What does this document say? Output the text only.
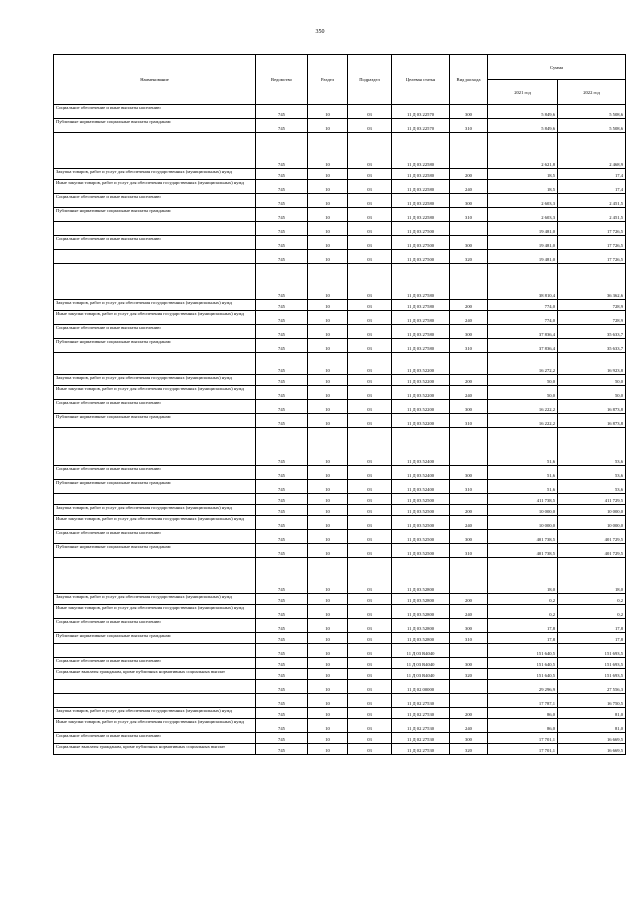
350
Наименование	Ведомство	Раздел	Подраздел	Целевая статья	Вид расхода	Сумма	
						2021 год	2022 год
Социальное обеспечение и иные выплаты населению	745	10	03	11 Д 03 22570	300	5 849,6	5 508,6
Публичные нормативные социальные выплаты гражданам	745	10	03	11 Д 03 22570	310	5 849,6	5 508,6
	745	10	03	11 Д 03 22580		2 621,8	2 468,9
Закупка товаров, работ и услуг для обеспечения государственных (муниципальных) нужд	745	10	03	11 Д 03 22580	200	18,5	17,4
Иные закупки товаров, работ и услуг для обеспечения государственных (муниципальных) нужд	745	10	03	11 Д 03 22580	240	18,5	17,4
Социальное обеспечение и иные выплаты населению	745	10	03	11 Д 03 22580	300	2 603,3	2 451,5
Публичные нормативные социальные выплаты гражданам	745	10	03	11 Д 03 22580	310	2 603,3	2 451,5
	745	10	03	11 Д 03 27500		19 481,0	17 726,5
Социальное обеспечение и иные выплаты населению	745	10	03	11 Д 03 27500	300	19 481,0	17 726,5
	745	10	03	11 Д 03 27500	320	19 481,0	17 726,5
	745	10	03	11 Д 03 27580		38 810,4	36 362,6
Закупка товаров, работ и услуг для обеспечения государственных (муниципальных) нужд	745	10	03	11 Д 03 27580	200	774,0	728,9
Иные закупки товаров, работ и услуг для обеспечения государственных (муниципальных) нужд	745	10	03	11 Д 03 27580	240	774,0	728,9
Социальное обеспечение и иные выплаты населению	745	10	03	11 Д 03 27580	300	37 836,4	35 633,7
Публичные нормативные социальные выплаты гражданам	745	10	03	11 Д 03 27580	310	37 836,4	35 633,7
	745	10	03	11 Д 03 52200		16 272,2	16 923,8
Закупка товаров, работ и услуг для обеспечения государственных (муниципальных) нужд	745	10	03	11 Д 03 52200	200	50,0	50,0
Иные закупки товаров, работ и услуг для обеспечения государственных (муниципальных) нужд	745	10	03	11 Д 03 52200	240	50,0	50,0
Социальное обеспечение и иные выплаты населению	745	10	03	11 Д 03 52200	300	16 222,2	16 873,8
Публичные нормативные социальные выплаты гражданам	745	10	03	11 Д 03 52200	310	16 222,2	16 873,8
	745	10	03	11 Д 03 52400		51,6	53,6
Социальное обеспечение и иные выплаты населению	745	10	03	11 Д 03 52400	300	51,6	53,6
Публичные нормативные социальные выплаты гражданам	745	10	03	11 Д 03 52400	310	51,6	53,6
	745	10	03	11 Д 03 52500		411 738,5	411 729,5
Закупка товаров, работ и услуг для обеспечения государственных (муниципальных) нужд	745	10	03	11 Д 03 52500	200	10 000,0	10 000,0
Иные закупки товаров, работ и услуг для обеспечения государственных (муниципальных) нужд	745	10	03	11 Д 03 52500	240	10 000,0	10 000,0
Социальное обеспечение и иные выплаты населению	745	10	03	11 Д 03 52500	300	401 738,5	401 729,5
Публичные нормативные социальные выплаты гражданам	745	10	03	11 Д 03 52500	310	401 738,5	401 729,5
	745	10	03	11 Д 03 52800		18,0	18,0
Закупка товаров, работ и услуг для обеспечения государственных (муниципальных) нужд	745	10	03	11 Д 03 52800	200	0,2	0,2
Иные закупки товаров, работ и услуг для обеспечения государственных (муниципальных) нужд	745	10	03	11 Д 03 52800	240	0,2	0,2
Социальное обеспечение и иные выплаты населению	745	10	03	11 Д 03 52800	300	17,8	17,8
Публичные нормативные социальные выплаты гражданам	745	10	03	11 Д 03 52800	310	17,8	17,8
	745	10	03	11 Д 03 R4040		151 640,5	151 693,5
Социальное обеспечение и иные выплаты населению	745	10	03	11 Д 03 R4040	300	151 640,5	151 693,5
Социальные выплаты гражданам, кроме публичных нормативных социальных выплат	745	10	03	11 Д 03 R4040	320	151 640,5	151 693,5
	745	10	03	11 Д 02 00000		29 296,9	27 556,3
	745	10	03	11 Д 02 27530		17 787,1	16 750,5
Закупка товаров, работ и услуг для обеспечения государственных (муниципальных) нужд	745	10	03	11 Д 02 27530	200	86,0	81,0
Иные закупки товаров, работ и услуг для обеспечения государственных (муниципальных) нужд	745	10	03	11 Д 02 27530	240	86,0	81,0
Социальное обеспечение и иные выплаты населению	745	10	03	11 Д 02 27530	300	17 701,1	16 669,5
Социальные выплаты гражданам, кроме публичных нормативных социальных выплат	745	10	03	11 Д 02 27530	320	17 701,1	16 669,5
